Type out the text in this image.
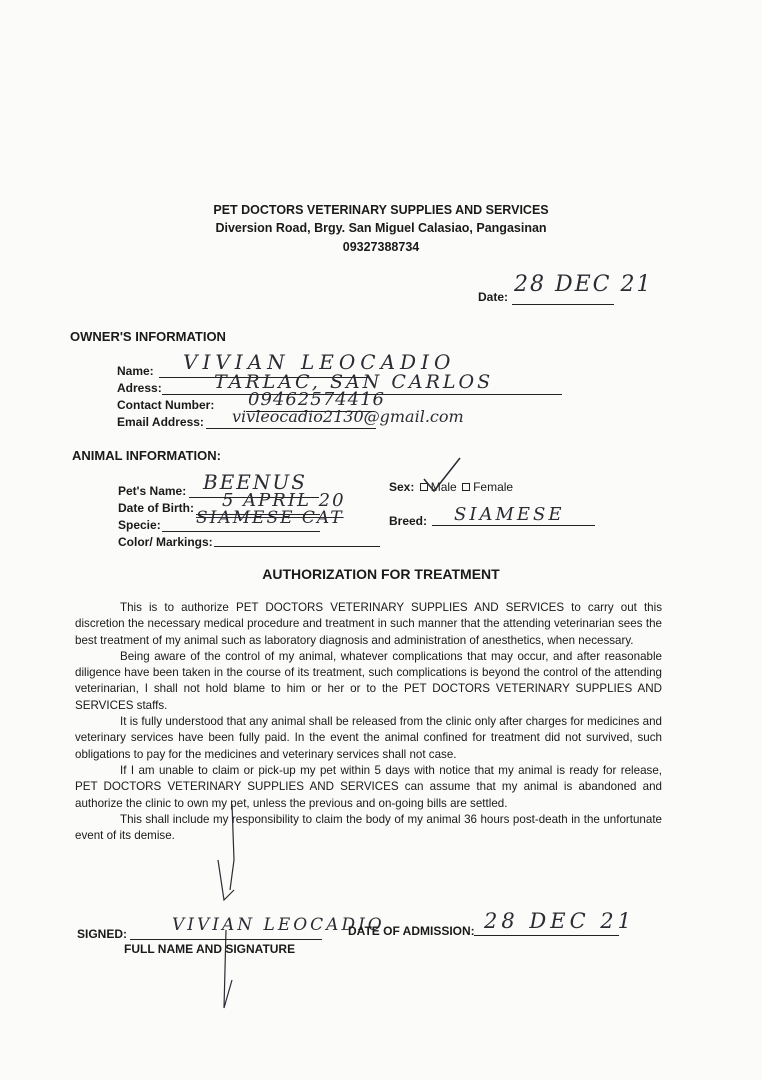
PET DOCTORS VETERINARY SUPPLIES AND SERVICES
Diversion Road, Brgy. San Miguel Calasiao, Pangasinan
09327388734
Date: 28 DEC 21
OWNER'S INFORMATION
Name: VIVIAN LEOCADIO
Adress:	TARLAC, SAN CARLOS
Contact Number: 09462574416
Email Address: vivleocadio2130@gmail.com
ANIMAL INFORMATION:
Pet's Name: BEENUS
Date of Birth: 5 APRIL 20
Specie: SIAMESE CAT
Color/ Markings:
Sex: Male Female
Breed: SIAMESE
AUTHORIZATION FOR TREATMENT

This is to authorize PET DOCTORS VETERINARY SUPPLIES AND SERVICES to carry out this discretion the necessary medical procedure and treatment in such manner that the attending veterinarian sees the best treatment of my animal such as laboratory diagnosis and administration of anesthetics, when necessary.

Being aware of the control of my animal, whatever complications that may occur, and after reasonable diligence have been taken in the course of its treatment, such complications is beyond the control of the attending veterinarian, I shall not hold blame to him or her or to the PET DOCTORS VETERINARY SUPPLIES AND SERVICES staffs.

It is fully understood that any animal shall be released from the clinic only after charges for medicines and veterinary services have been fully paid. In the event the animal confined for treatment did not survived, such obligations to pay for the medicines and veterinary services shall not case.

If I am unable to claim or pick-up my pet within 5 days with notice that my animal is ready for release, PET DOCTORS VETERINARY SUPPLIES AND SERVICES can assume that my animal is abandoned and authorize the clinic to own my pet, unless the previous and on-going bills are settled.

This shall include my responsibility to claim the body of my animal 36 hours post-death in the unfortunate event of its demise.

SIGNED:	VIVIAN LEOCADIO
FULL NAME AND SIGNATURE
DATE OF ADMISSION: 28 DEC 21
